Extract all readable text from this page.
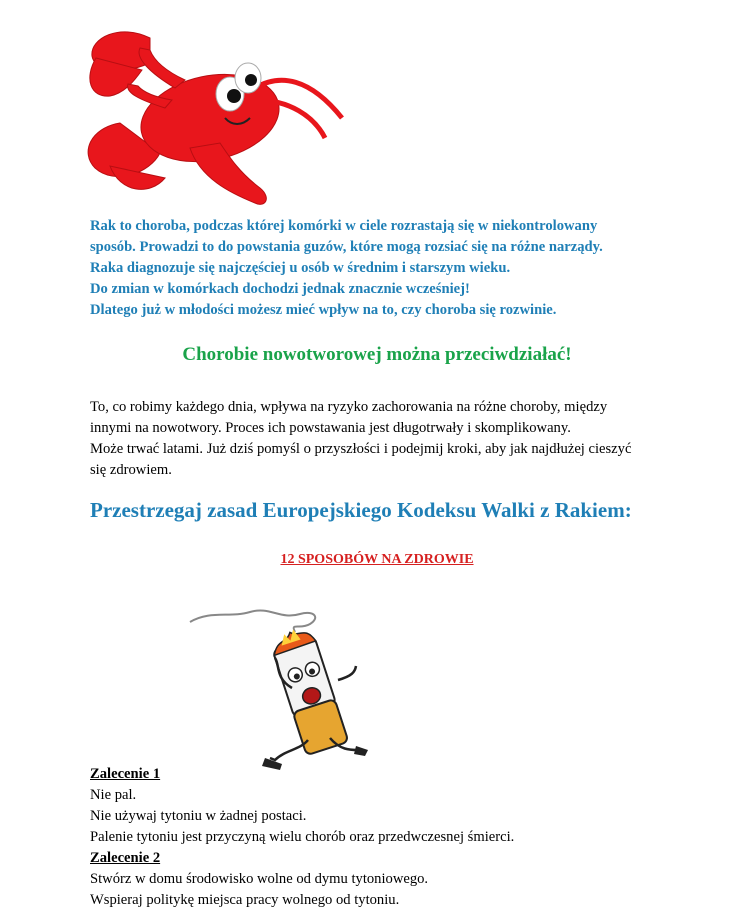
Rak to choroba, podczas której komórki w ciele rozrastają się w niekontrolowany
sposób. Prowadzi to do powstania guzów, które mogą rozsiać się na różne narządy.
Raka diagnozuje się najczęściej u osób w średnim i starszym wieku.
Do zmian w komórkach dochodzi jednak znacznie wcześniej!
Dlatego już w młodości możesz mieć wpływ na to, czy choroba się rozwinie.
Chorobie nowotworowej można przeciwdziałać!
To, co robimy każdego dnia, wpływa na ryzyko zachorowania na różne choroby, między
innymi na nowotwory. Proces ich powstawania jest długotrwały i skomplikowany.
Może trwać latami. Już dziś pomyśl o przyszłości i podejmij kroki, aby jak najdłużej cieszyć
się zdrowiem.
Przestrzegaj zasad Europejskiego Kodeksu Walki z Rakiem:
12 SPOSOBÓW NA ZDROWIE
Zalecenie 1
Nie pal.
Nie używaj tytoniu w żadnej postaci.
Palenie tytoniu jest przyczyną wielu chorób oraz przedwczesnej śmierci.
Zalecenie 2
Stwórz w domu środowisko wolne od dymu tytoniowego.
Wspieraj politykę miejsca pracy wolnego od tytoniu.
